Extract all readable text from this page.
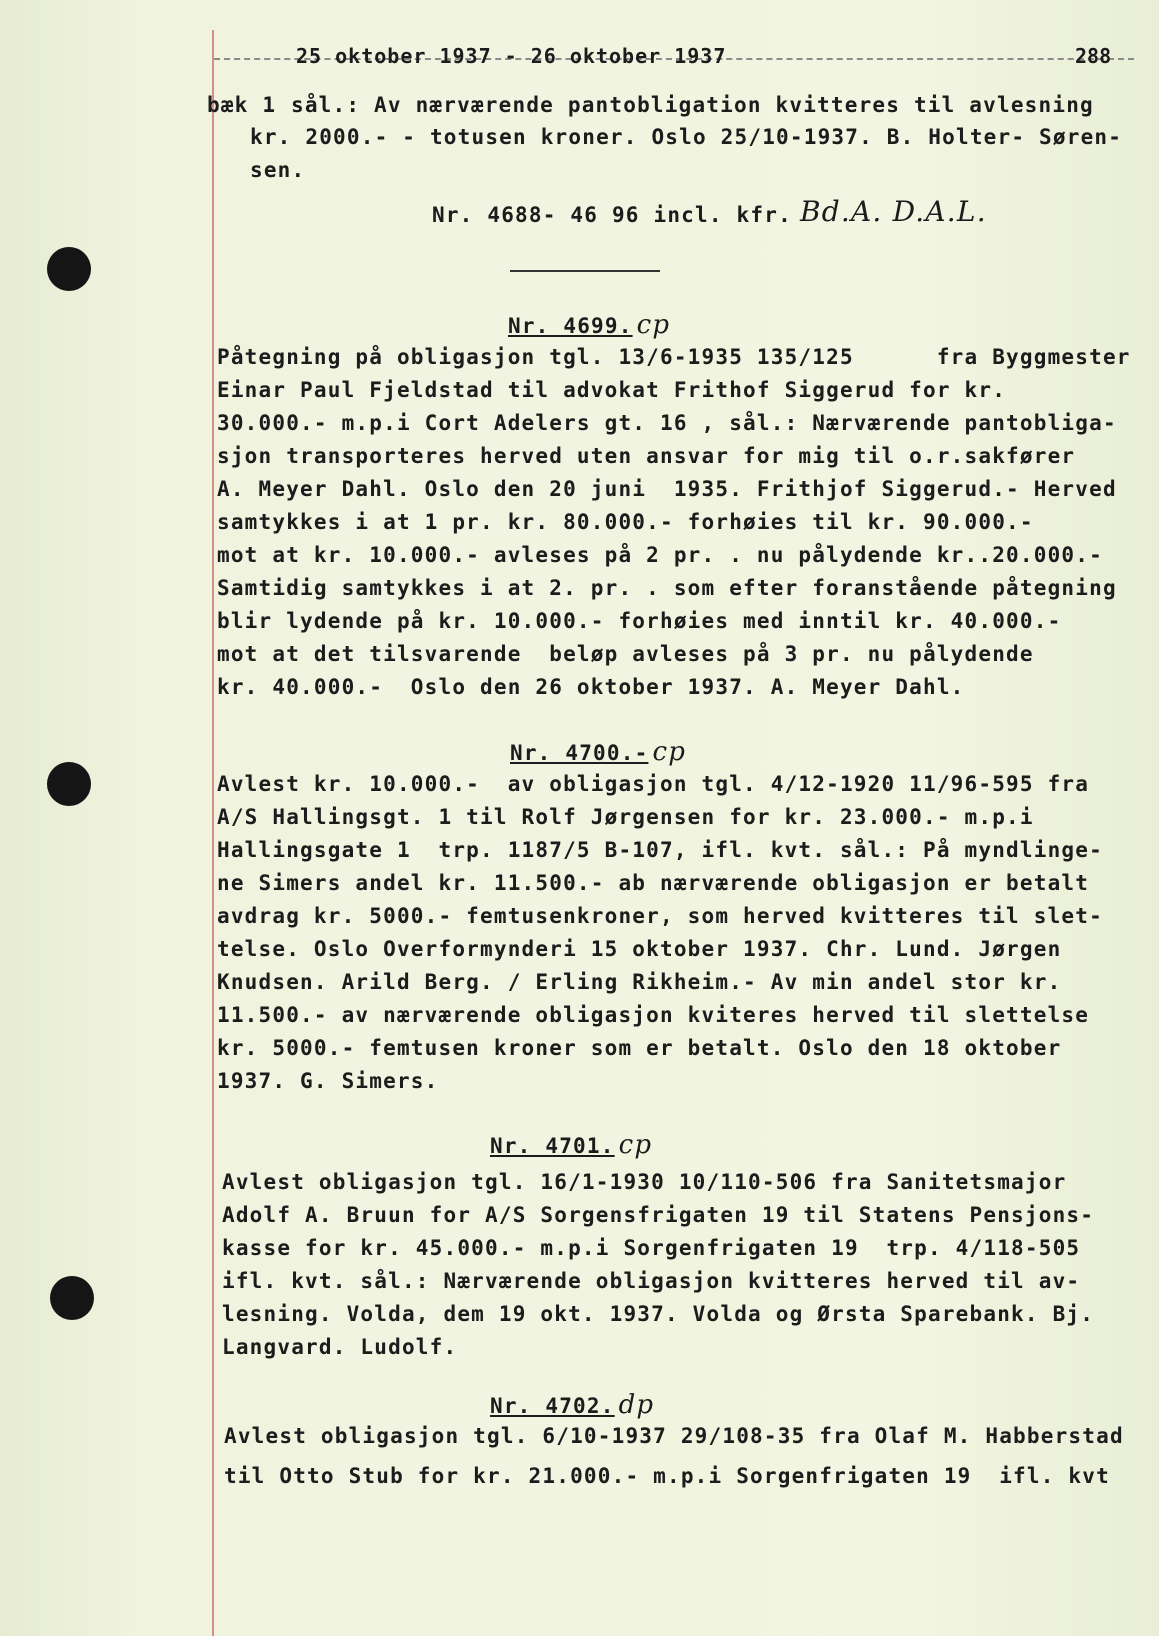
25 oktober 1937 - 26 oktober 1937	288
bæk 1 sål.: Av nærværende pantobligation kvitteres til avlesning
kr. 2000.- - totusen kroner. Oslo 25/10-1937. B. Holter- Søren-
sen.
Nr. 4688- 46 96 incl. kfr. Bd.A. D.A.L.
Nr. 4699. cp
Påtegning på obligasjon tgl. 13/6-1935 135/125      fra Byggmester
Einar Paul Fjeldstad til advokat Frithof Siggerud for kr.
30.000.- m.p.i Cort Adelers gt. 16 , sål.: Nærværende pantobliga-
sjon transporteres herved uten ansvar for mig til o.r.sakfører
A. Meyer Dahl. Oslo den 20 juni  1935. Frithjof Siggerud.- Herved
samtykkes i at 1 pr. kr. 80.000.- forhøies til kr. 90.000.-
mot at kr. 10.000.- avleses på 2 pr. . nu pålydende kr..20.000.-
Samtidig samtykkes i at 2. pr. . som efter foranstående påtegning
blir lydende på kr. 10.000.- forhøies med inntil kr. 40.000.-
mot at det tilsvarende  beløp avleses på 3 pr. nu pålydende
kr. 40.000.-  Oslo den 26 oktober 1937. A. Meyer Dahl.
Nr. 4700.- cp
Avlest kr. 10.000.-  av obligasjon tgl. 4/12-1920 11/96-595 fra
A/S Hallingsgt. 1 til Rolf Jørgensen for kr. 23.000.- m.p.i
Hallingsgate 1  trp. 1187/5 B-107, ifl. kvt. sål.: På myndlinge-
ne Simers andel kr. 11.500.- ab nærværende obligasjon er betalt
avdrag kr. 5000.- femtusenkroner, som herved kvitteres til slet-
telse. Oslo Overformynderi 15 oktober 1937. Chr. Lund. Jørgen
Knudsen. Arild Berg. / Erling Rikheim.- Av min andel stor kr.
11.500.- av nærværende obligasjon kviteres herved til slettelse
kr. 5000.- femtusen kroner som er betalt. Oslo den 18 oktober
1937. G. Simers.
Nr. 4701. cp
Avlest obligasjon tgl. 16/1-1930 10/110-506 fra Sanitetsmajor
Adolf A. Bruun for A/S Sorgensfrigaten 19 til Statens Pensjons-
kasse for kr. 45.000.- m.p.i Sorgenfrigaten 19  trp. 4/118-505
ifl. kvt. sål.: Nærværende obligasjon kvitteres herved til av-
lesning. Volda, dem 19 okt. 1937. Volda og Ørsta Sparebank. Bj.
Langvard. Ludolf.
Nr. 4702. dp
Avlest obligasjon tgl. 6/10-1937 29/108-35 fra Olaf M. Habberstad
til Otto Stub for kr. 21.000.- m.p.i Sorgenfrigaten 19  ifl. kvt
